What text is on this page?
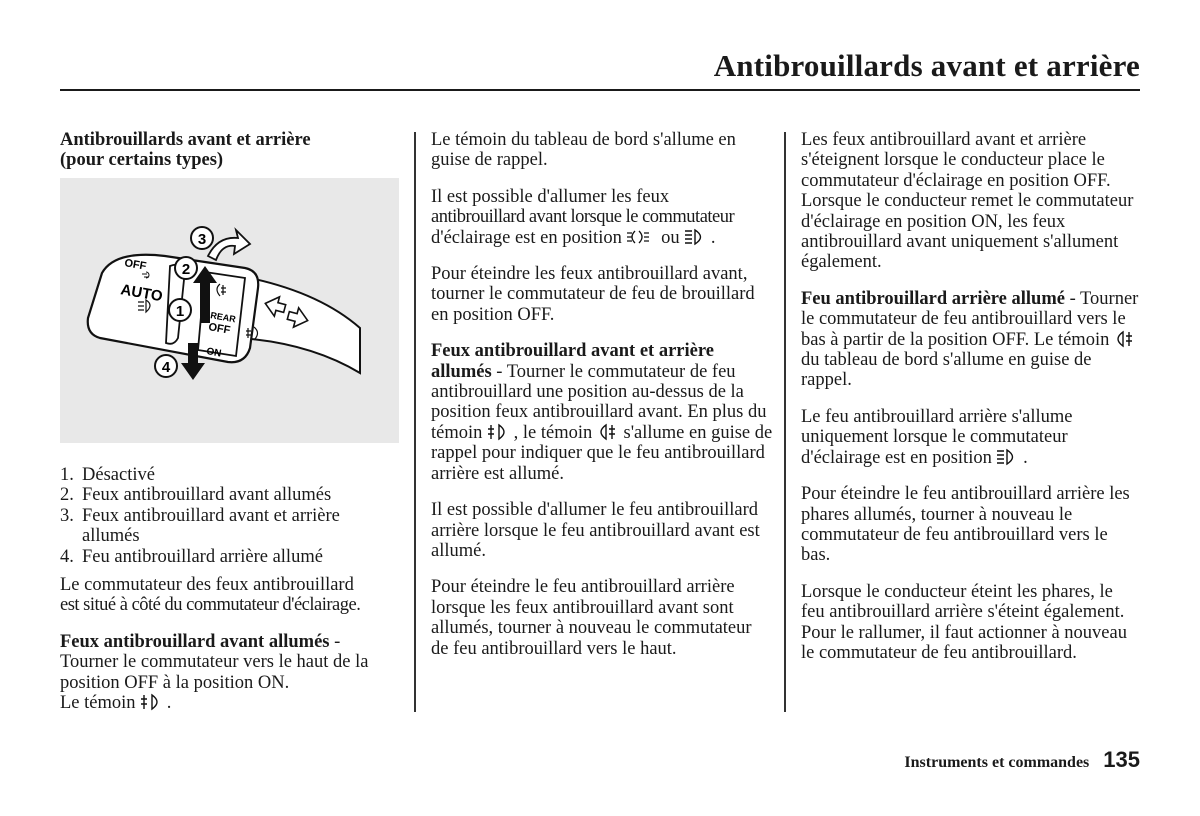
Antibrouillards avant et arrière
Antibrouillards avant et arrière
(pour certains types)
OFF
AUTO
REAR
OFF
ON
3
2
1
4
1. Désactivé
2. Feux antibrouillard avant allumés
3. Feux antibrouillard avant et arrière allumés
4. Feu antibrouillard arrière allumé

Le commutateur des feux antibrouillard
est situé à côté du commutateur d'éclairage.

Feux antibrouillard avant allumés - Tourner le commutateur vers le haut de la position OFF à la position ON.
Le témoin .

Le témoin du tableau de bord s'allume en guise de rappel.

Il est possible d'allumer les feux
antibrouillard avant lorsque le commutateur
d'éclairage est en position  ou  .

Pour éteindre les feux antibrouillard avant, tourner le commutateur de feu de brouillard en position OFF.

Feux antibrouillard avant et arrière allumés - Tourner le commutateur de feu antibrouillard une position au-dessus de la position feux antibrouillard avant. En plus du témoin , le témoin  s'allume en guise de rappel pour indiquer que le feu antibrouillard arrière est allumé.

Il est possible d'allumer le feu antibrouillard arrière lorsque le feu antibrouillard avant est allumé.

Pour éteindre le feu antibrouillard arrière lorsque les feux antibrouillard avant sont allumés, tourner à nouveau le commutateur de feu antibrouillard vers le haut.

Les feux antibrouillard avant et arrière s'éteignent lorsque le conducteur place le commutateur d'éclairage en position OFF. Lorsque le conducteur remet le commutateur d'éclairage en position ON, les feux antibrouillard avant uniquement s'allument également.

Feu antibrouillard arrière allumé - Tourner le commutateur de feu antibrouillard vers le bas à partir de la position OFF. Le témoin  du tableau de bord s'allume en guise de rappel.

Le feu antibrouillard arrière s'allume uniquement lorsque le commutateur d'éclairage est en position .

Pour éteindre le feu antibrouillard arrière les phares allumés, tourner à nouveau le commutateur de feu antibrouillard vers le bas.

Lorsque le conducteur éteint les phares, le feu antibrouillard arrière s'éteint également. Pour le rallumer, il faut actionner à nouveau le commutateur de feu antibrouillard.

Instruments et commandes 135
